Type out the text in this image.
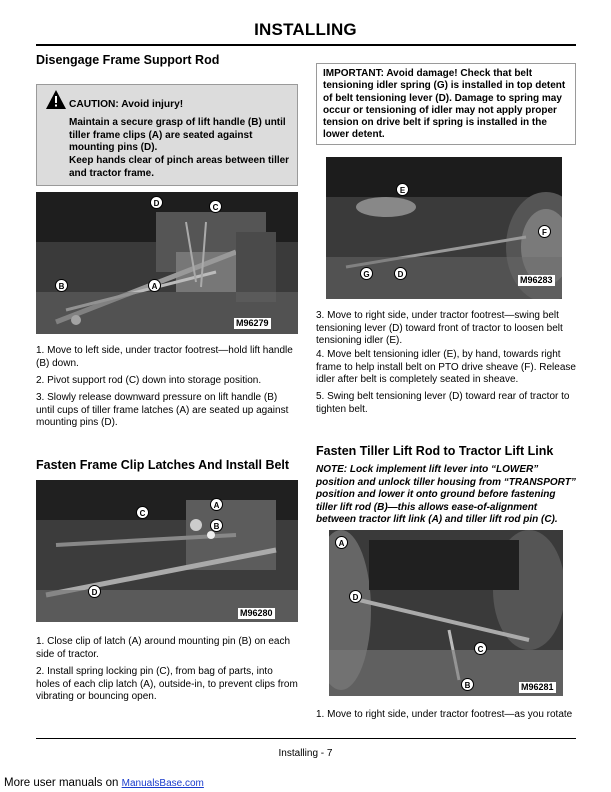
INSTALLING
Disengage Frame Support Rod
CAUTION: Avoid injury!

Maintain a secure grasp of lift handle (B) until tiller frame clips (A) are seated against mounting pins (D).

Keep hands clear of pinch areas between tiller and tractor frame.

D	C
B	A
M96279

1. Move to left side, under tractor footrest—hold lift handle (B) down.

2. Pivot support rod (C) down into storage position.

3. Slowly release downward pressure on lift handle (B) until cups of tiller frame latches (A) are seated up against mounting pins (D).

Fasten Frame Clip Latches And Install Belt
A
C
B
D
M96280

1. Close clip of latch (A) around mounting pin (B) on each side of tractor.

2. Install spring locking pin (C), from bag of parts, into holes of each clip latch (A), outside-in, to prevent clips from vibrating or bouncing open.

IMPORTANT: Avoid damage! Check that belt tensioning idler spring (G) is installed in top detent of belt tensioning lever (D). Damage to spring may occur or tensioning of idler may not apply proper tension on drive belt if spring is installed in the lower detent.
E
F
G	D
M96283

3. Move to right side, under tractor footrest—swing belt tensioning lever (D) toward front of tractor to loosen belt tensioning idler (E).

4. Move belt tensioning idler (E), by hand, towards right frame to help install belt on PTO drive sheave (F). Release idler after belt is completely seated in sheave.

5. Swing belt tensioning lever (D) toward rear of tractor to tighten belt.

Fasten Tiller Lift Rod to Tractor Lift Link

NOTE: Lock implement lift lever into “LOWER” position and unlock tiller housing from “TRANSPORT” position and lower it onto ground before fastening tiller lift rod (B)—this allows ease-of-alignment between tractor lift link (A) and tiller lift rod pin (C).

A
D
C
B	M96281

1. Move to right side, under tractor footrest—as you rotate

Installing - 7
More user manuals on ManualsBase.com
